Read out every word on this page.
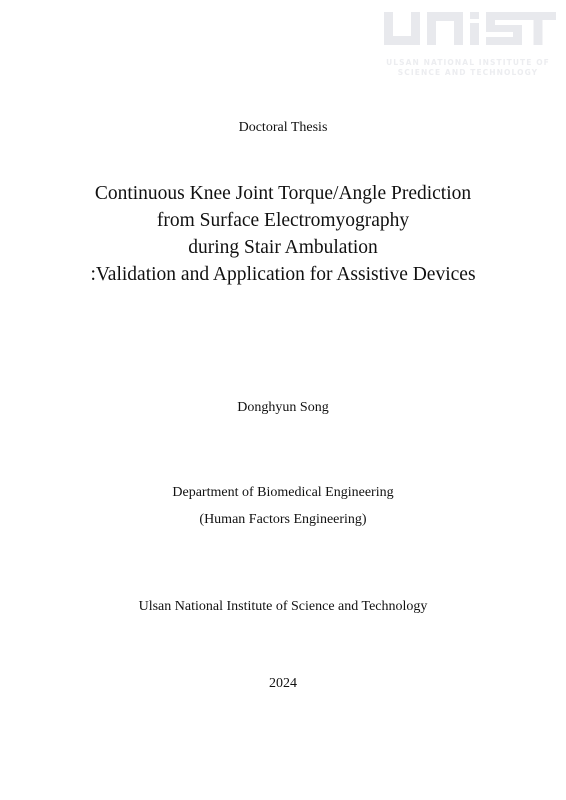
ULSAN NATIONAL INSTITUTE OF
SCIENCE AND TECHNOLOGY
Doctoral Thesis
Continuous Knee Joint Torque/Angle Prediction
from Surface Electromyography
during Stair Ambulation
:Validation and Application for Assistive Devices
Donghyun Song
Department of Biomedical Engineering
(Human Factors Engineering)
Ulsan National Institute of Science and Technology
2024
